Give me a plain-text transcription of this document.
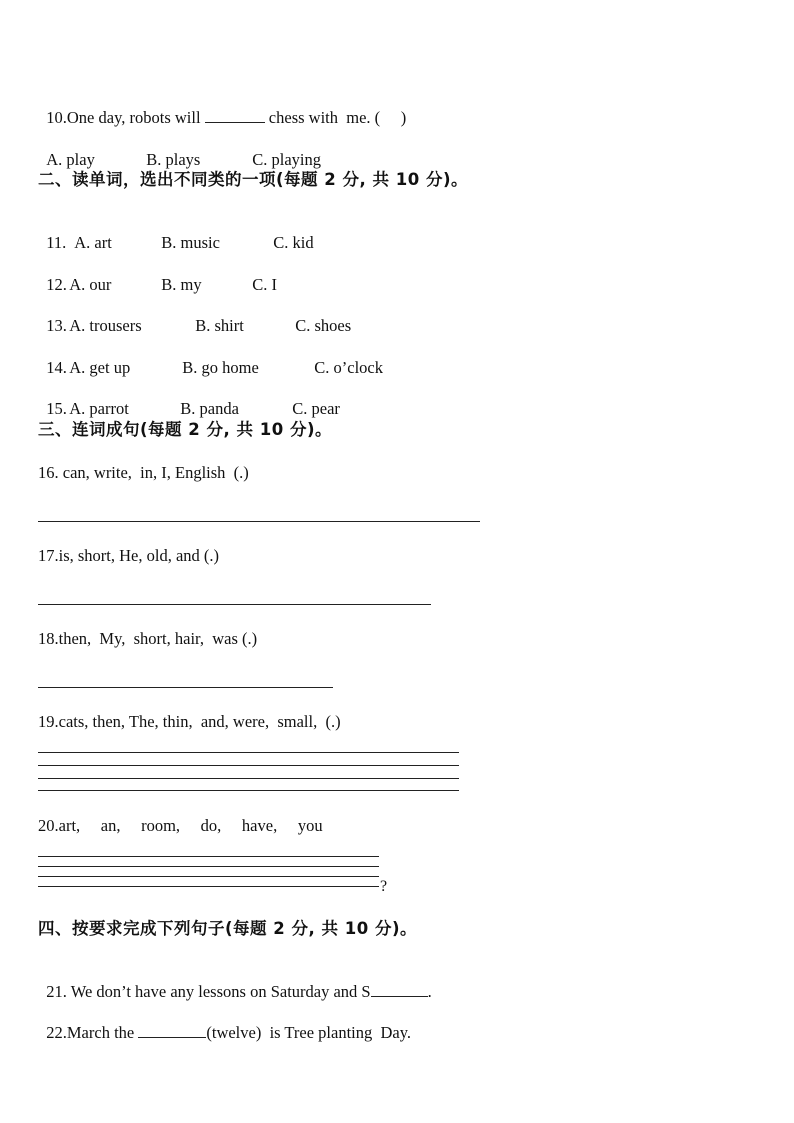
10.One day, robots will	chess with  me. (     )

A. play	B. plays	C. playing

二、读单词，选出不同类的一项(每题 2 分, 共 10 分)。

11. A. art	B. music	C. kid

12. A. our	B. my	C. I

13. A. trousers	B. shirt	C. shoes

14. A. get up	B. go home	C. o’clock

15. A. parrot	B. panda	C. pear

三、连词成句(每题 2 分, 共 10 分)。
16. can, write,  in, I, English  (.)
17.is, short, He, old, and (.)
18.then,  My,  short, hair,  was (.)
19.cats, then, The, thin,  and, were,  small,  (.)
20.art,     an,     room,     do,     have,     you
?
四、按要求完成下列句子(每题 2 分, 共 10 分)。

21. We don’t have any lessons on Saturday and S	.

22.March the	(twelve)  is Tree planting  Day.
